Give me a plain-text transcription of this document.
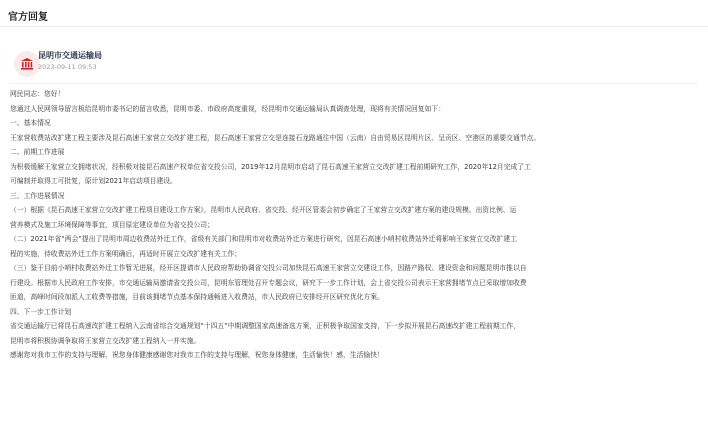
官方回复
昆明市交通运输局
2023-09-11 09:53
网民同志：您好！
您通过人民网领导留言板给昆明市委书记的留言收悉，昆明市委、市政府高度重视，经昆明市交通运输局认真调查处理，现将有关情况回复如下：
一、基本情况
王家营收费站改扩建工程主要涉及昆石高速王家营立交改扩建工程，昆石高速王家营立交是连接石龙路通往中国（云南）自由贸易区昆明片区、呈贡区、空港区的重要交通节点。
二、前期工作进展
为积极缓解王家营立交拥堵状况，经积极对接昆石高速产权单位省交投公司，2019年12月昆明市启动了昆石高速王家营立交改扩建工程前期研究工作，2020年12月完成了工
可编制并取得工可批复，原计划2021年启动项目建设。
三、工作进展情况
（一）根据《昆石高速王家营立交改扩建工程项目建设工作方案》，昆明市人民政府、省交投、经开区管委会初步确定了王家营立交改扩建方案的建设规模、出资比例、运
营养模式及施工环境保障等事宜，项目原定建设单位为省交投公司；
（二）2021年省“两会”提出了昆明市周边收费站外迁工作，省级有关部门和昆明市对收费站外迁方案进行研究，因昆石高速小哨村收费站外迁将影响王家营立交改扩建工
程的实施，待收费站外迁工作方案明确后，再适时开展立交改扩建有关工作；
（三）鉴于目前小哨村收费站外迁工作暂无进展，经开区提请市人民政府帮助协调省交投公司加快昆石高速王家营立交建设工作，因路产路权、建设资金和问题昆明市推以自
行建设。根据市人民政府工作安排，市交通运输局邀请省交投公司，昆明东管理处召开专题会议，研究下一步工作计划，会上省交投公司表示王家营拥堵节点已采取增加收费
匝道，高峰时间段加派人工收费等措施，目前该拥堵节点基本保持通畅进入收费站，市人民政府已安排经开区研究优化方案。
四、下一步工作计划
省交通运输厅已将昆石高速改扩建工程纳入云南省综合交通规划“十四五”中期调整国家高速备选方案，正积极争取国家支持，下一步拟开展昆石高速改扩建工程前期工作，
昆明市将积极协调争取将王家营立交改扩建工程纳入一并实施。
感谢您对我市工作的支持与理解，祝您身体健康感谢您对我市工作的支持与理解，祝您身体健康，生活愉快！感，生活愉快！
